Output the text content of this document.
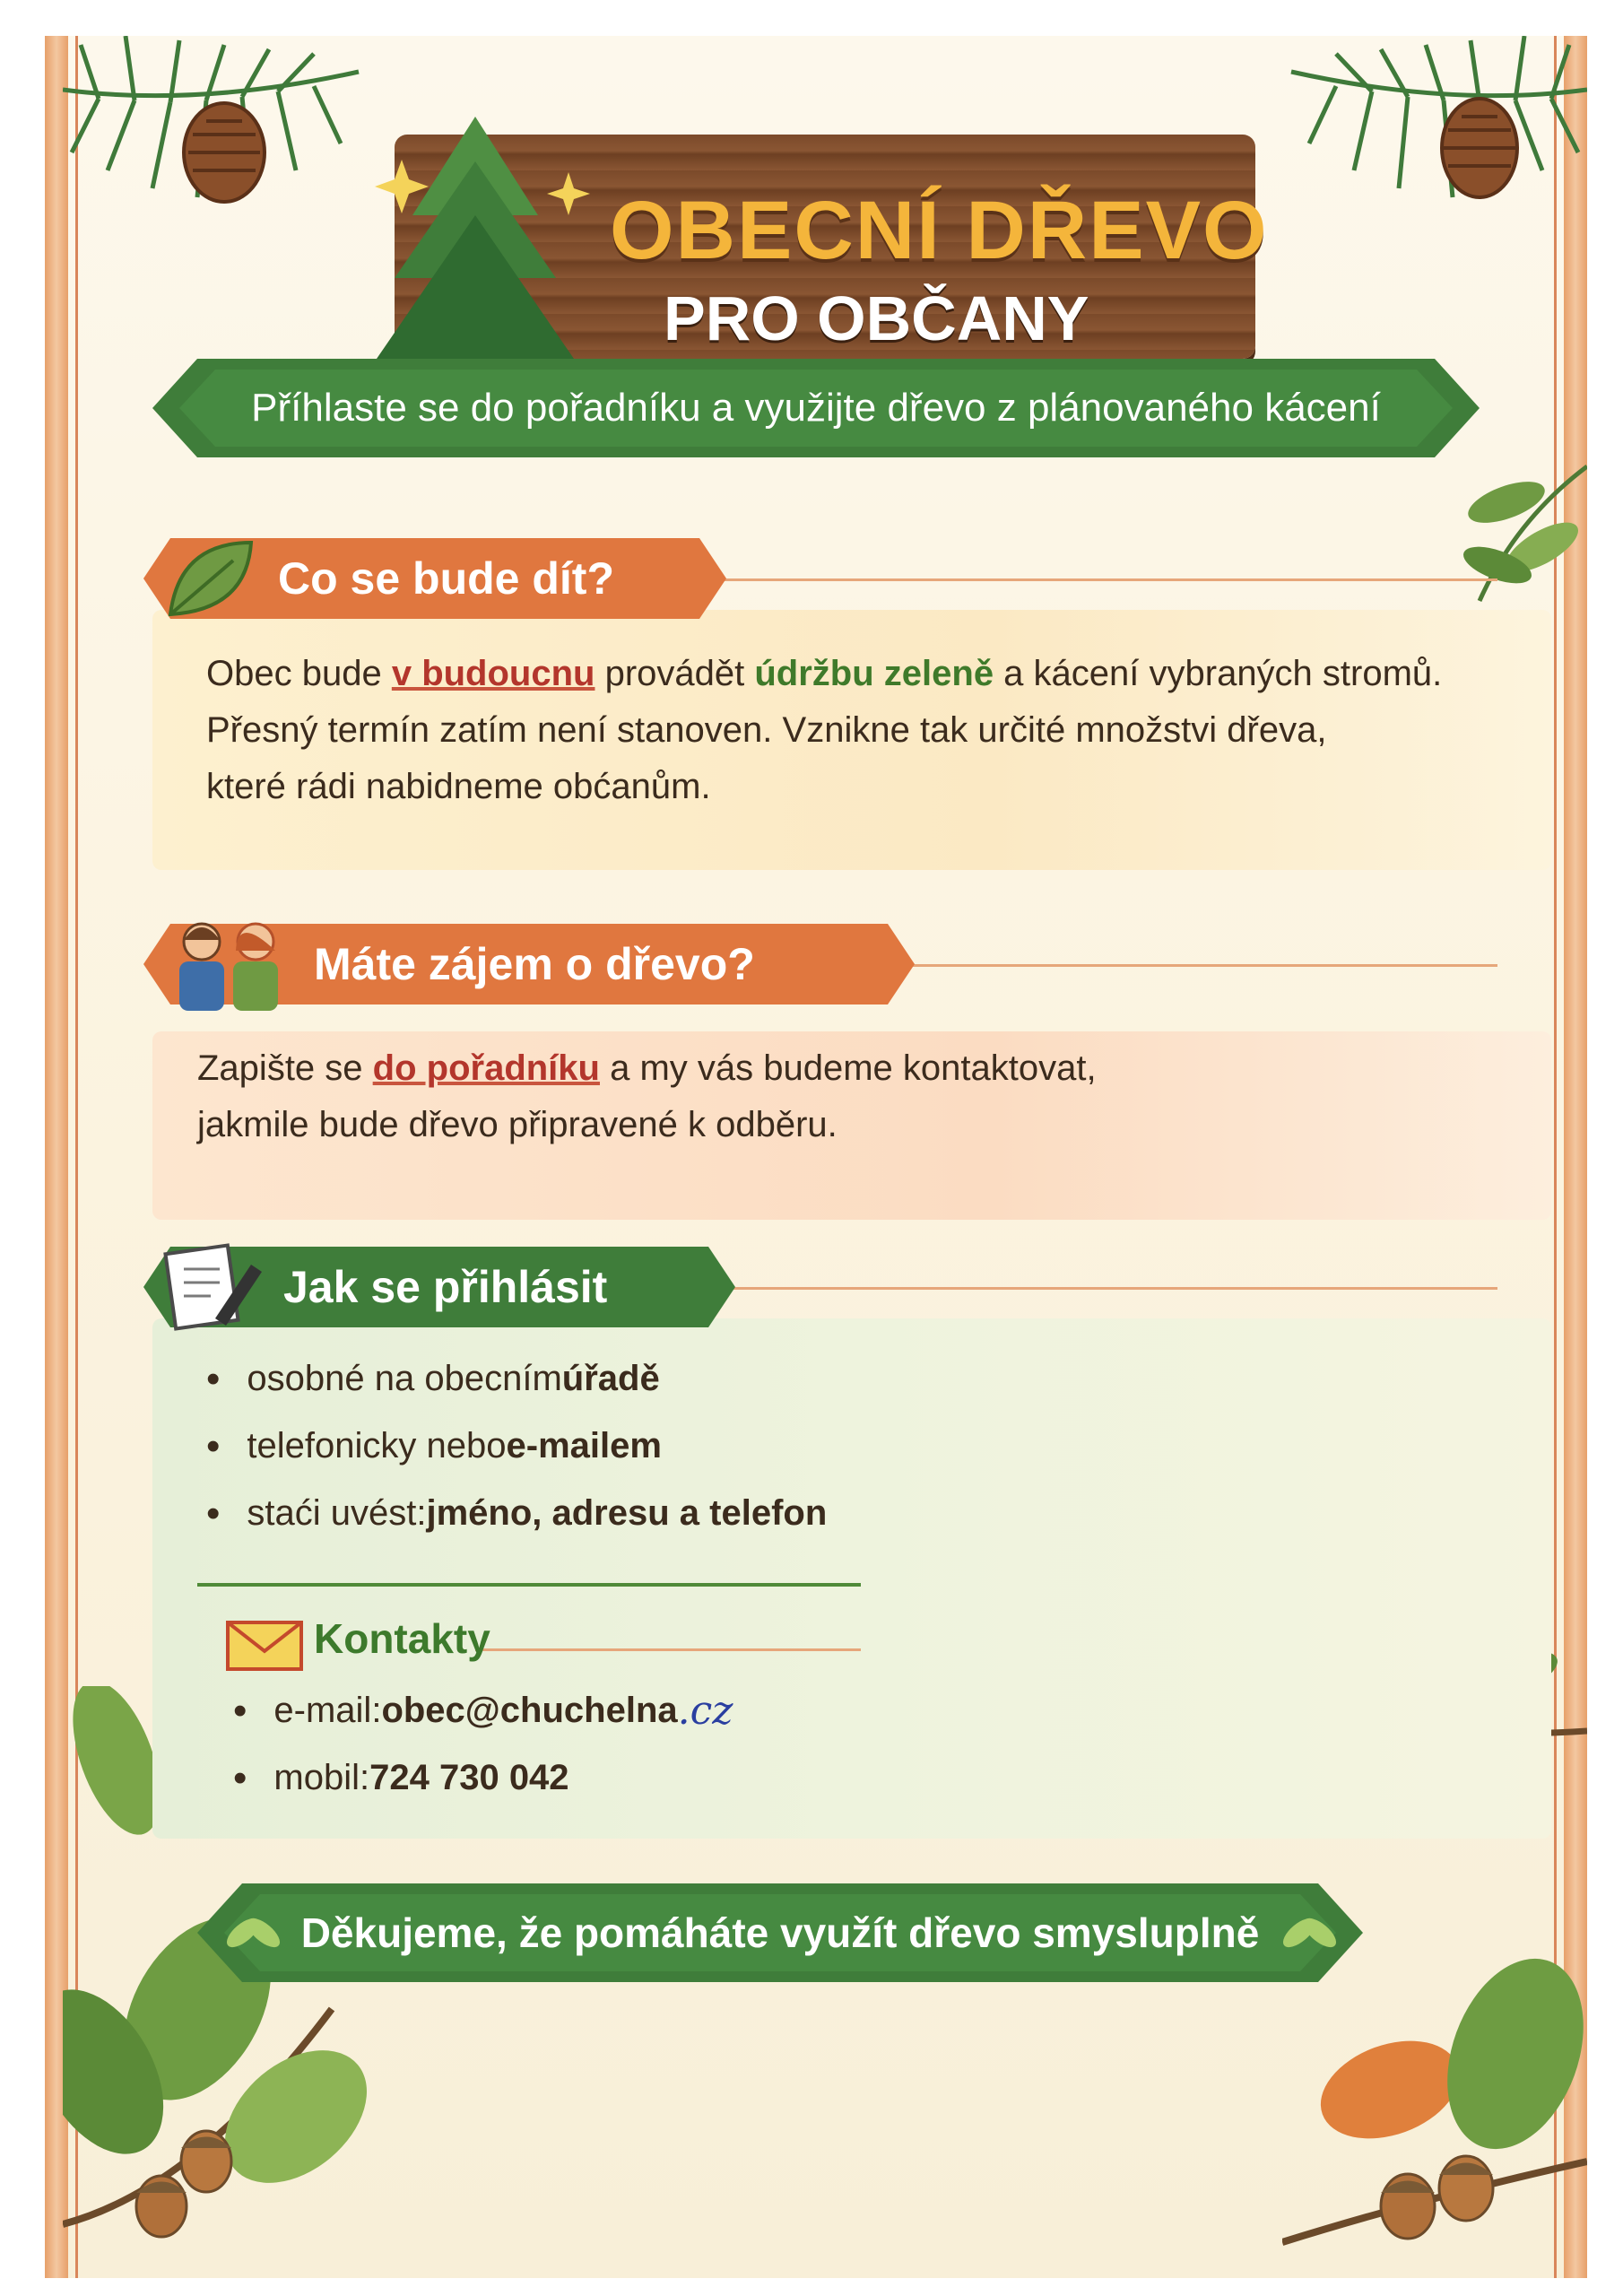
OBECNÍ DŘEVO
PRO OBČANY
Příhlaste se do pořadníku a využijte dřevo z plánovaného kácení
Co se bude dít?
Obec bude v budoucnu provádět údržbu zeleně a kácení vybraných stromů.
Přesný termín zatím není stanoven. Vznikne tak určité množstvi dřeva,
které rádi nabidneme obćanům.
Máte zájem o dřevo?
Zapište se do pořadníku a my vás budeme kontaktovat,
jakmile bude dřevo připravené k odběru.
Jak se přihlásit
• osobné na obecním úřadě
• telefonicky nebo e-mailem
• staći uvést: jméno, adresu a telefon
Kontakty
• e-mail: obec@chuchelna .cz
• mobil: 724 730 042
Děkujeme, že pomáháte využít dřevo smysluplně
